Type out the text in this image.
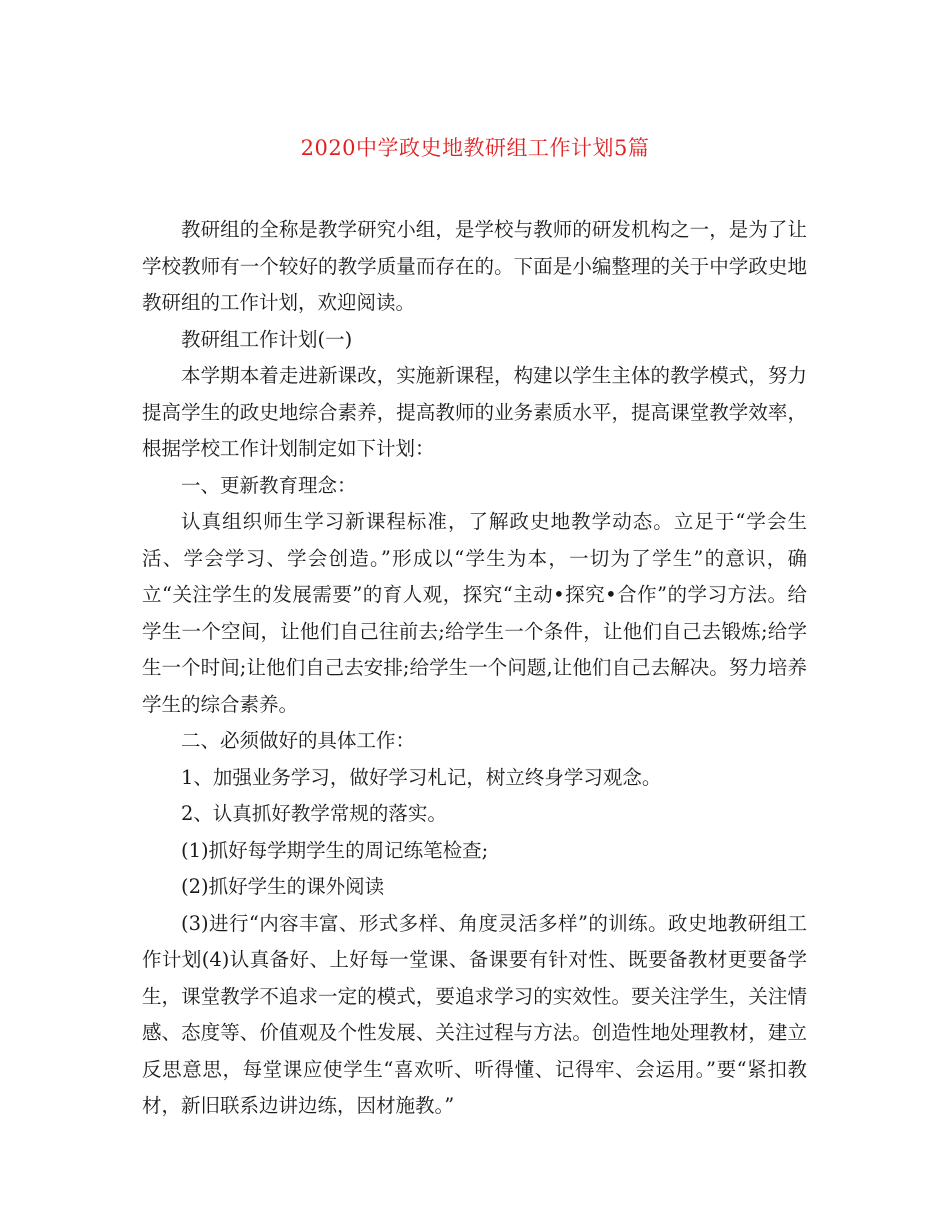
2020中学政史地教研组工作计划5篇

教研组的全称是教学研究小组，是学校与教师的研发机构之一，是为了让学校教师有一个较好的教学质量而存在的。下面是小编整理的关于中学政史地教研组的工作计划，欢迎阅读。

教研组工作计划(一)

本学期本着走进新课改，实施新课程，构建以学生主体的教学模式，努力提高学生的政史地综合素养，提高教师的业务素质水平，提高课堂教学效率，根据学校工作计划制定如下计划：

一、更新教育理念：

认真组织师生学习新课程标准，了解政史地教学动态。立足于“学会生活、学会学习、学会创造。”形成以“学生为本，一切为了学生”的意识，确立“关注学生的发展需要”的育人观，探究“主动•探究•合作”的学习方法。给学生一个空间，让他们自己往前去;给学生一个条件，让他们自己去锻炼;给学生一个时间;让他们自己去安排;给学生一个问题,让他们自己去解决。努力培养学生的综合素养。

二、必须做好的具体工作：

1、加强业务学习，做好学习札记，树立终身学习观念。

2、认真抓好教学常规的落实。

(1)抓好每学期学生的周记练笔检查;

(2)抓好学生的课外阅读

(3)进行“内容丰富、形式多样、角度灵活多样”的训练。政史地教研组工作计划(4)认真备好、上好每一堂课、备课要有针对性、既要备教材更要备学生，课堂教学不追求一定的模式，要追求学习的实效性。要关注学生，关注情感、态度等、价值观及个性发展、关注过程与方法。创造性地处理教材，建立反思意思，每堂课应使学生“喜欢听、听得懂、记得牢、会运用。”要“紧扣教材，新旧联系边讲边练，因材施教。”
